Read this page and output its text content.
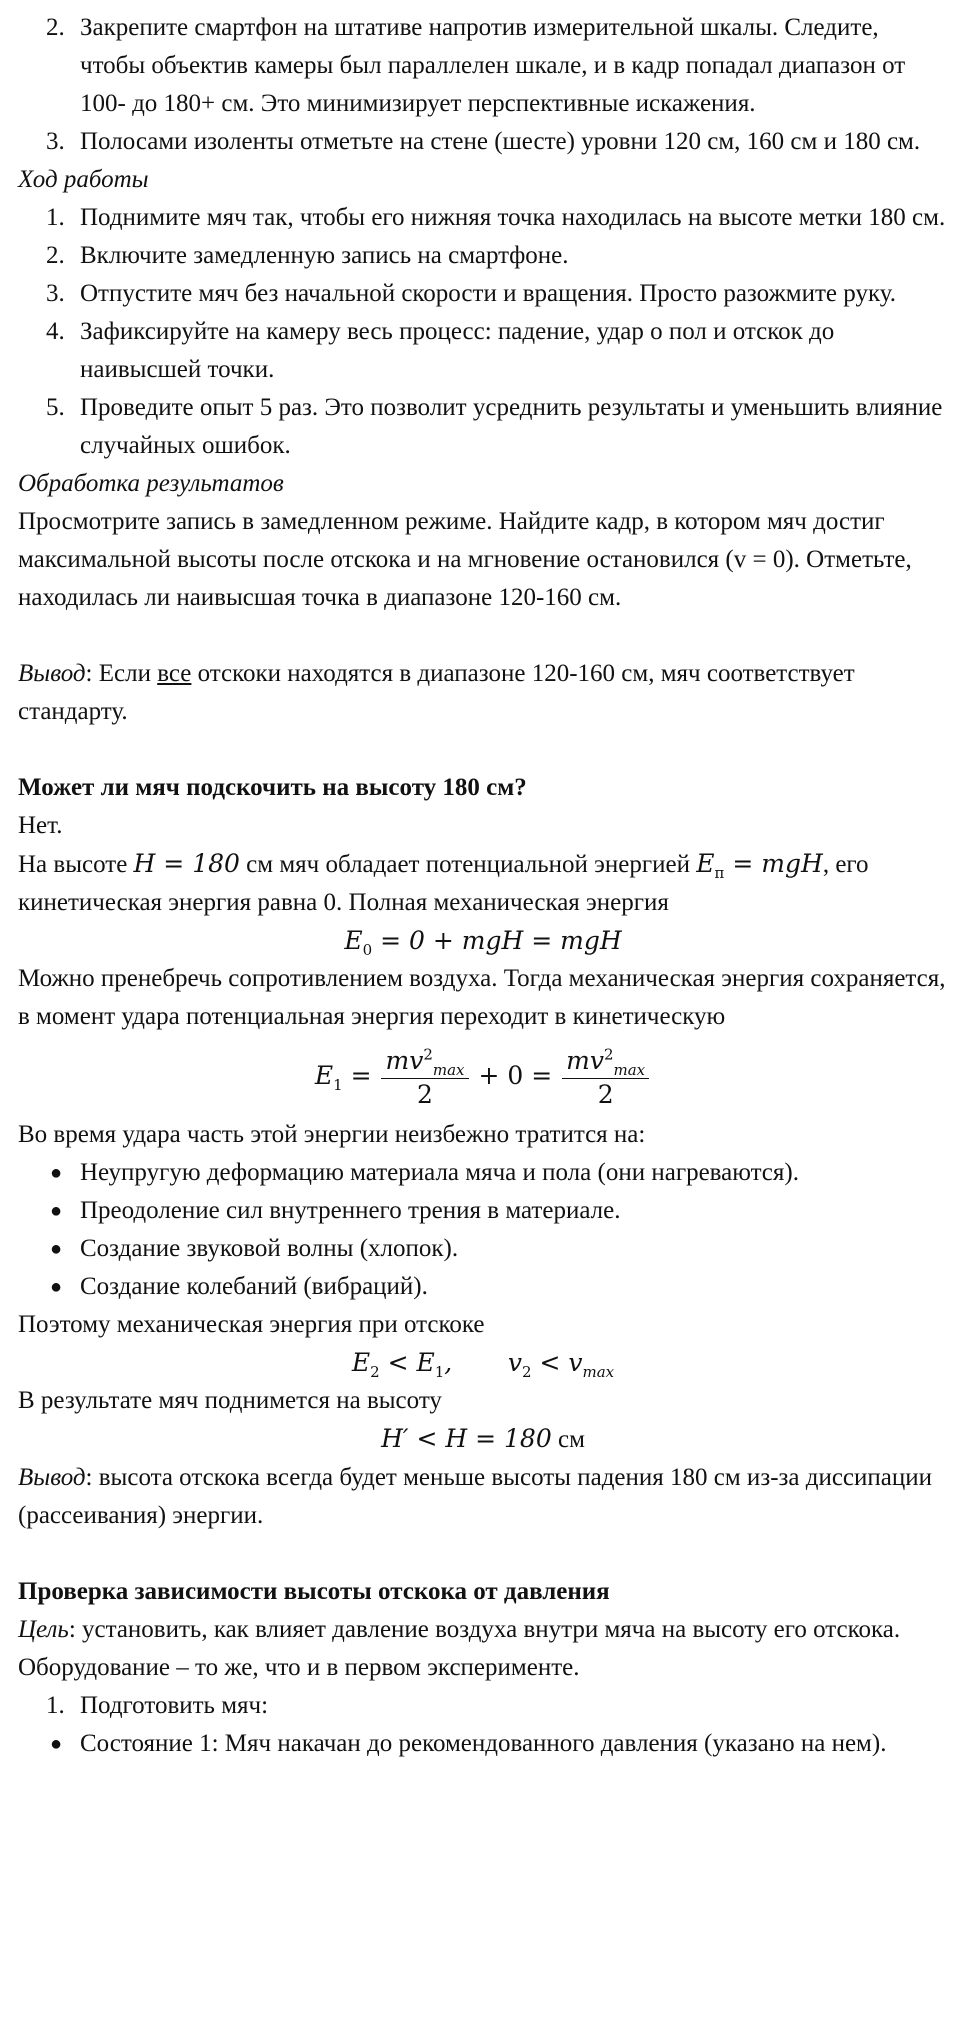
2. Закрепите смартфон на штативе напротив измерительной шкалы. Следите, чтобы объектив камеры был параллелен шкале, и в кадр попадал диапазон от 100- до 180+ см. Это минимизирует перспективные искажения.
3. Полосами изоленты отметьте на стене (шесте) уровни 120 см, 160 см и 180 см.

Ход работы

1. Поднимите мяч так, чтобы его нижняя точка находилась на высоте метки 180 см.
2. Включите замедленную запись на смартфоне.
3. Отпустите мяч без начальной скорости и вращения. Просто разожмите руку.
4. Зафиксируйте на камеру весь процесс: падение, удар о пол и отскок до наивысшей точки.
5. Проведите опыт 5 раз. Это позволит усреднить результаты и уменьшить влияние случайных ошибок.

Обработка результатов

Просмотрите запись в замедленном режиме. Найдите кадр, в котором мяч достиг максимальной высоты после отскока и на мгновение остановился (v = 0). Отметьте, находилась ли наивысшая точка в диапазоне 120-160 см.

Вывод: Если все отскоки находятся в диапазоне 120-160 см, мяч соответствует стандарту.

Может ли мяч подскочить на высоту 180 см?

Нет.

На высоте H = 180 см мяч обладает потенциальной энергией $E_п$ = mgH, его кинетическая энергия равна 0. Полная механическая энергия

$E_0 = 0$ + mgH = mgH

Можно пренебречь сопротивлением воздуха. Тогда механическая энергия сохраняется, в момент удара потенциальная энергия переходит в кинетическую

$E_1 = \frac{mv^2_{max}}{2} + 0 = \frac{mv^2_{max}}{2}$

Во время удара часть этой энергии неизбежно тратится на:

● Неупругую деформацию материала мяча и пола (они нагреваются).
● Преодоление сил внутреннего трения в материале.
● Создание звуковой волны (хлопок).
● Создание колебаний (вибраций).

Поэтому механическая энергия при отскоке

$E_2 < E_1$,       $v_2 < v_{max}$

В результате мяч поднимется на высоту

H′ < H = 180 см

Вывод: высота отскока всегда будет меньше высоты падения 180 см из-за диссипации (рассеивания) энергии.

Проверка зависимости высоты отскока от давления

Цель: установить, как влияет давление воздуха внутри мяча на высоту его отскока.

Оборудование – то же, что и в первом эксперименте.

1. Подготовить мяч:
● Состояние 1: Мяч накачан до рекомендованного давления (указано на нем).
